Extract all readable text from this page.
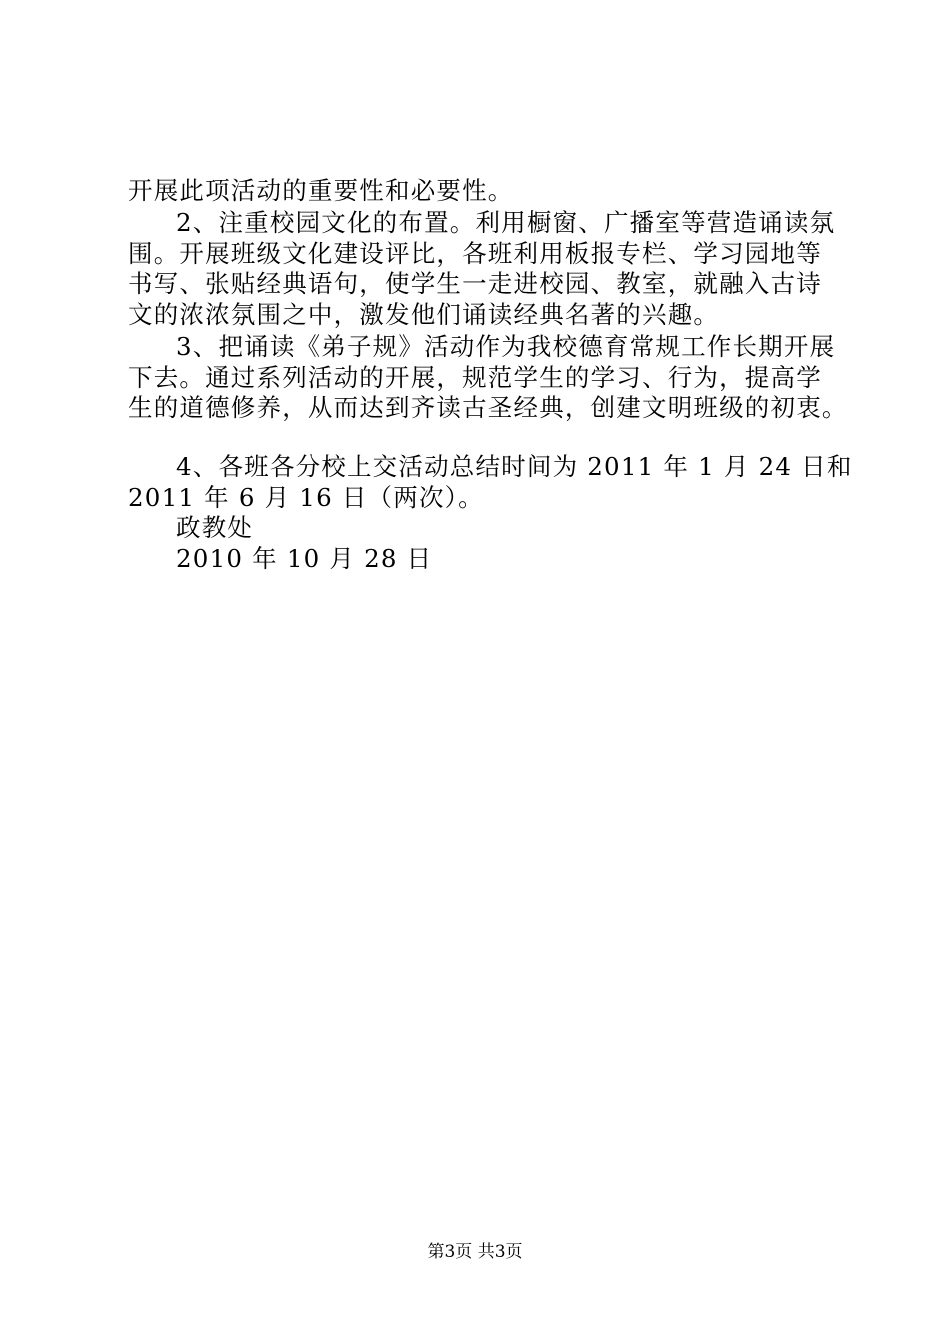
开展此项活动的重要性和必要性。
2、注重校园文化的布置。利用橱窗、广播室等营造诵读氛
围。开展班级文化建设评比，各班利用板报专栏、学习园地等
书写、张贴经典语句，使学生一走进校园、教室，就融入古诗
文的浓浓氛围之中，激发他们诵读经典名著的兴趣。
3、把诵读《弟子规》活动作为我校德育常规工作长期开展
下去。通过系列活动的开展，规范学生的学习、行为，提高学
生的道德修养，从而达到齐读古圣经典，创建文明班级的初衷。
4、各班各分校上交活动总结时间为 2011 年 1 月 24 日和
2011 年 6 月 16 日（两次）。
政教处
2010 年 10 月 28 日
第3页 共3页
